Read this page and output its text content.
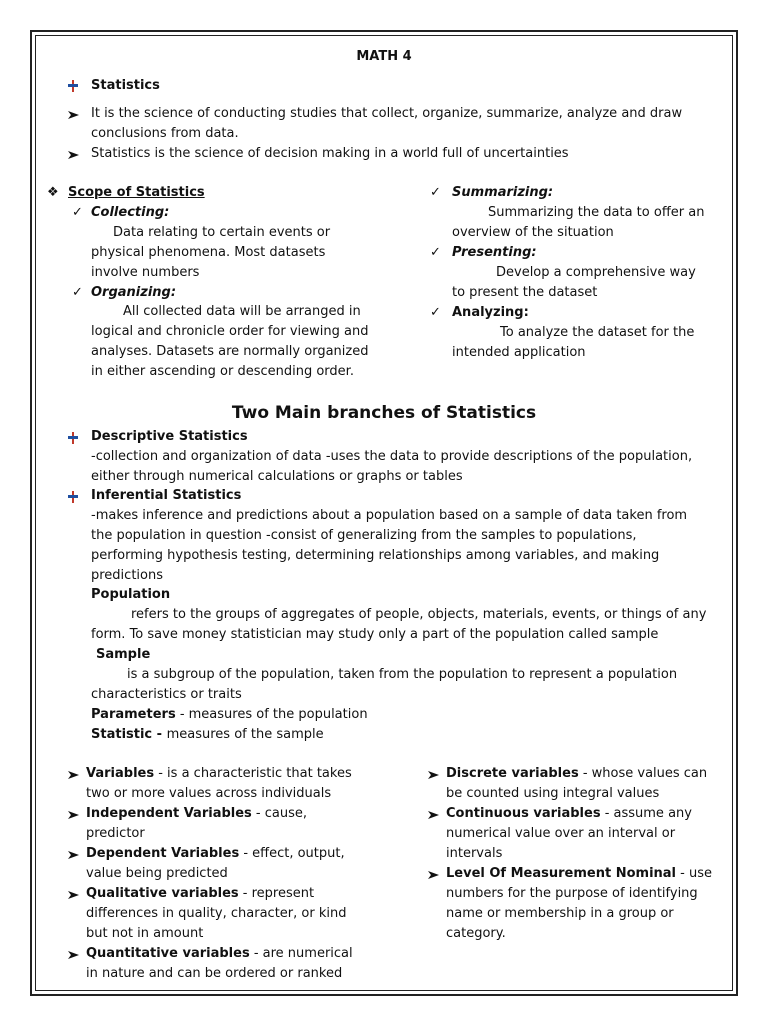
MATH 4
Statistics
It is the science of conducting studies that collect, organize, summarize, analyze and draw conclusions from data.
Statistics is the science of decision making in a world full of uncertainties
❖ Scope of Statistics
✓ Collecting:
Data relating to certain events or physical phenomena. Most datasets involve numbers
✓ Organizing:
All collected data will be arranged in logical and chronicle order for viewing and analyses. Datasets are normally organized in either ascending or descending order.
✓ Summarizing:
Summarizing the data to offer an overview of the situation
✓ Presenting:
Develop a comprehensive way to present the dataset
✓ Analyzing:
To analyze the dataset for the intended application
Two Main branches of Statistics
Descriptive Statistics
-collection and organization of data -uses the data to provide descriptions of the population, either through numerical calculations or graphs or tables
Inferential Statistics
-makes inference and predictions about a population based on a sample of data taken from the population in question -consist of generalizing from the samples to populations, performing hypothesis testing, determining relationships among variables, and making predictions
Population
refers to the groups of aggregates of people, objects, materials, events, or things of any form. To save money statistician may study only a part of the population called sample
Sample
is a subgroup of the population, taken from the population to represent a population characteristics or traits
Parameters - measures of the population
Statistic - measures of the sample
Variables - is a characteristic that takes two or more values across individuals
Independent Variables - cause, predictor
Dependent Variables - effect, output, value being predicted
Qualitative variables - represent differences in quality, character, or kind but not in amount
Quantitative variables - are numerical in nature and can be ordered or ranked
Discrete variables - whose values can be counted using integral values
Continuous variables - assume any numerical value over an interval or intervals
Level Of Measurement Nominal - use numbers for the purpose of identifying name or membership in a group or category.
